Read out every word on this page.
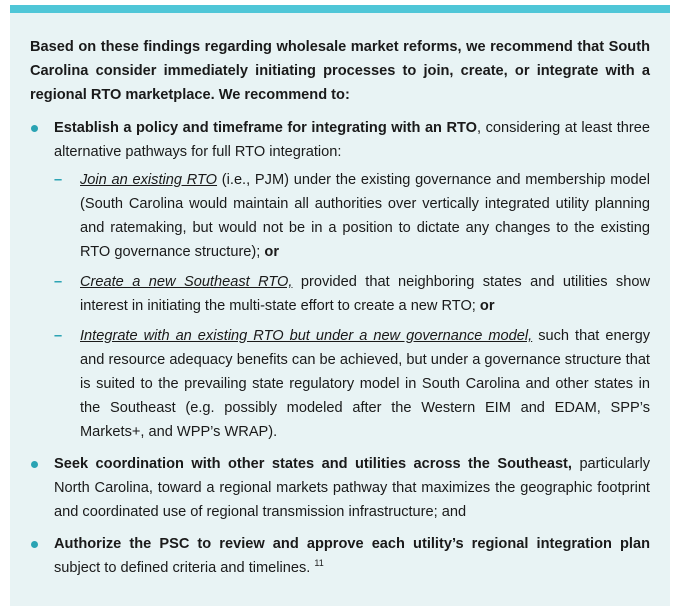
Based on these findings regarding wholesale market reforms, we recommend that South Carolina consider immediately initiating processes to join, create, or integrate with a regional RTO marketplace. We recommend to:

Establish a policy and timeframe for integrating with an RTO, considering at least three alternative pathways for full RTO integration:
– Join an existing RTO (i.e., PJM) under the existing governance and membership model (South Carolina would maintain all authorities over vertically integrated utility planning and ratemaking, but would not be in a position to dictate any changes to the existing RTO governance structure); or
– Create a new Southeast RTO, provided that neighboring states and utilities show interest in initiating the multi-state effort to create a new RTO; or
– Integrate with an existing RTO but under a new governance model, such that energy and resource adequacy benefits can be achieved, but under a governance structure that is suited to the prevailing state regulatory model in South Carolina and other states in the Southeast (e.g. possibly modeled after the Western EIM and EDAM, SPP’s Markets+, and WPP’s WRAP).
Seek coordination with other states and utilities across the Southeast, particularly North Carolina, toward a regional markets pathway that maximizes the geographic footprint and coordinated use of regional transmission infrastructure; and
Authorize the PSC to review and approve each utility’s regional integration plan subject to defined criteria and timelines. $^{11}$
